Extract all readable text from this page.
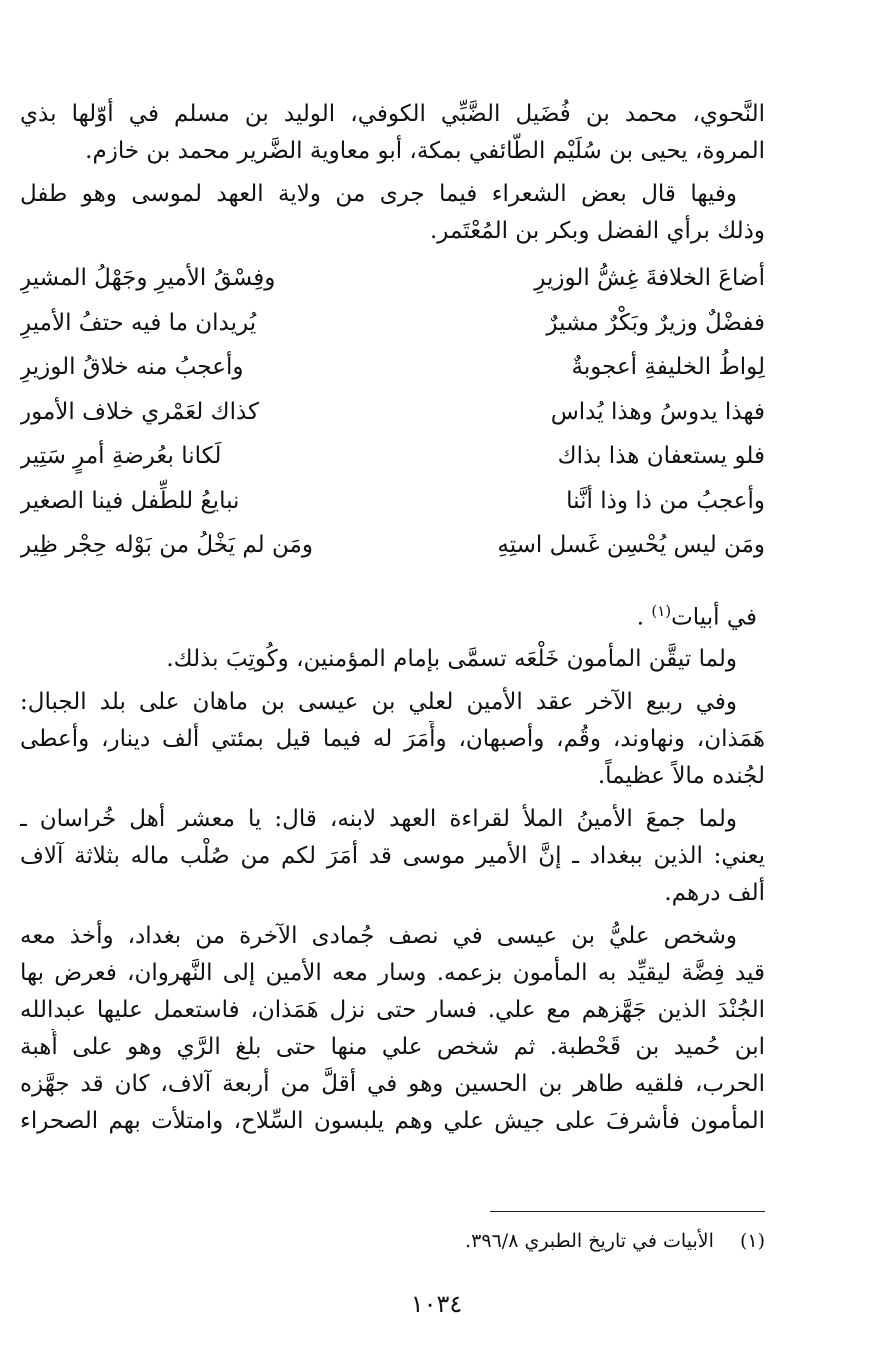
النَّحوي، محمد بن فُضَيل الضَّبِّي الكوفي، الوليد بن مسلم في أوّلها بذي

المروة، يحيى بن سُلَيْم الطّائفي بمكة، أبو معاوية الضَّرير محمد بن خازم.

وفيها قال بعض الشعراء فيما جرى من ولاية العهد لموسى وهو طفل

وذلك برأي الفضل وبكر بن المُعْتَمر.

أضاعَ الخلافةَ غِشُّ الوزيرِ
وفِسْقُ الأميرِ وجَهْلُ المشيرِ
ففضْلٌ وزيرٌ وبَكْرٌ مشيرٌ
يُريدان ما فيه حتفُ الأميرِ
لِواطُ الخليفةِ أعجوبةٌ
وأعجبُ منه خلاقُ الوزيرِ
فهذا يدوسُ وهذا يُداس
كذاك لعَمْري خلاف الأمور
فلو يستعفان هذا بذاك
لَكانا بعُرضةِ أمرٍ سَتِير
وأعجبُ من ذا وذا أنَّنا
نبايعُ للطِّفل فينا الصغير
ومَن ليس يُحْسِن غَسل استِهِ
ومَن لم يَخْلُ من بَوْله حِجْر ظِير

في أبيات$^{(١)}$ .

ولما تيقَّن المأمون خَلْعَه تسمَّى بإمام المؤمنين، وكُوتِبَ بذلك.

وفي ربيع الآخر عقد الأمين لعلي بن عيسى بن ماهان على بلد الجبال:

هَمَذان، ونهاوند، وقُم، وأصبهان، وأَمَرَ له فيما قيل بمئتي ألف دينار، وأعطى

لجُنده مالاً عظيماً.

ولما جمعَ الأمينُ الملأ لقراءة العهد لابنه، قال: يا معشر أهل خُراسان ـ

يعني: الذين ببغداد ـ إنَّ الأمير موسى قد أمَرَ لكم من صُلْب ماله بثلاثة آلاف

ألف درهم.

وشخص عليُّ بن عيسى في نصف جُمادى الآخرة من بغداد، وأخذ معه

قيد فِضَّة ليقيِّد به المأمون بزعمه. وسار معه الأمين إلى النَّهروان، فعرض بها

الجُنْدَ الذين جَهَّزهم مع علي. فسار حتى نزل هَمَذان، فاستعمل عليها عبدالله

ابن حُميد بن قَحْطبة. ثم شخص علي منها حتى بلغ الرَّي وهو على أُهبة

الحرب، فلقيه طاهر بن الحسين وهو في أقلَّ من أربعة آلاف، كان قد جهَّزه

المأمون فأشرفَ على جيش علي وهم يلبسون السِّلاح، وامتلأت بهم الصحراء

(١)  الأبيات في تاريخ الطبري ٣٩٦/٨.
١٠٣٤
